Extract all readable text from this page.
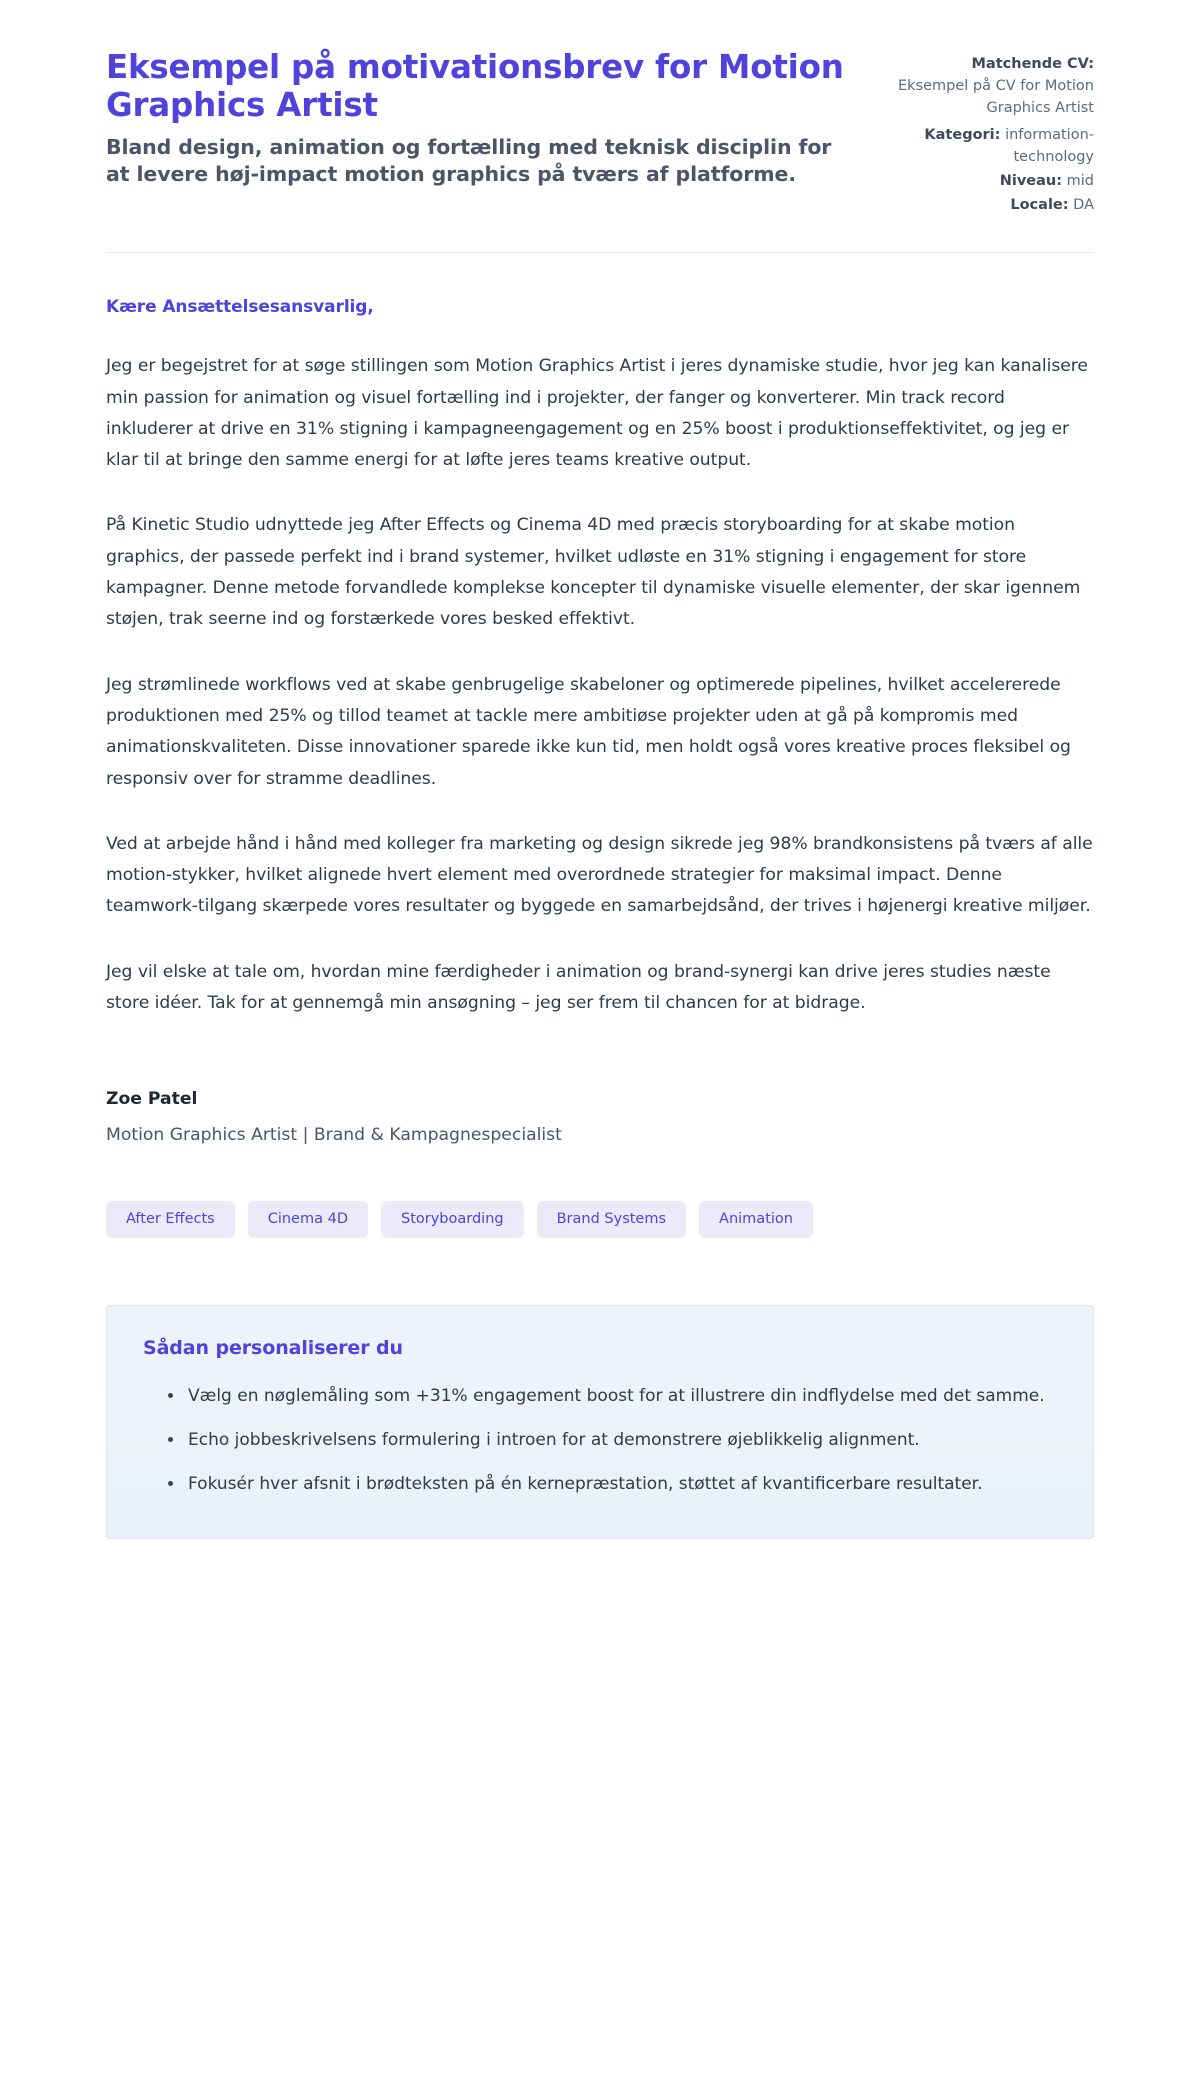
Eksempel på motivationsbrev for Motion Graphics Artist

Bland design, animation og fortælling med teknisk disciplin for at levere høj-impact motion graphics på tværs af platforme.

Matchende CV:
Eksempel på CV for Motion Graphics Artist
Kategori: information-technology
Niveau: mid
Locale: DA

Kære Ansættelsesansvarlig,

Jeg er begejstret for at søge stillingen som Motion Graphics Artist i jeres dynamiske studie, hvor jeg kan kanalisere min passion for animation og visuel fortælling ind i projekter, der fanger og konverterer. Min track record inkluderer at drive en 31% stigning i kampagneengagement og en 25% boost i produktionseffektivitet, og jeg er klar til at bringe den samme energi for at løfte jeres teams kreative output.

På Kinetic Studio udnyttede jeg After Effects og Cinema 4D med præcis storyboarding for at skabe motion graphics, der passede perfekt ind i brand systemer, hvilket udløste en 31% stigning i engagement for store kampagner. Denne metode forvandlede komplekse koncepter til dynamiske visuelle elementer, der skar igennem støjen, trak seerne ind og forstærkede vores besked effektivt.

Jeg strømlinede workflows ved at skabe genbrugelige skabeloner og optimerede pipelines, hvilket accelererede produktionen med 25% og tillod teamet at tackle mere ambitiøse projekter uden at gå på kompromis med animationskvaliteten. Disse innovationer sparede ikke kun tid, men holdt også vores kreative proces fleksibel og responsiv over for stramme deadlines.

Ved at arbejde hånd i hånd med kolleger fra marketing og design sikrede jeg 98% brandkonsistens på tværs af alle motion-stykker, hvilket alignede hvert element med overordnede strategier for maksimal impact. Denne teamwork-tilgang skærpede vores resultater og byggede en samarbejdsånd, der trives i højenergi kreative miljøer.

Jeg vil elske at tale om, hvordan mine færdigheder i animation og brand-synergi kan drive jeres studies næste store idéer. Tak for at gennemgå min ansøgning – jeg ser frem til chancen for at bidrage.

Zoe Patel

Motion Graphics Artist | Brand & Kampagnespecialist

After Effects	Cinema 4D	Storyboarding	Brand Systems	Animation
Sådan personaliserer du
Vælg en nøglemåling som +31% engagement boost for at illustrere din indflydelse med det samme.
Echo jobbeskrivelsens formulering i introen for at demonstrere øjeblikkelig alignment.
Fokusér hver afsnit i brødteksten på én kernepræstation, støttet af kvantificerbare resultater.
